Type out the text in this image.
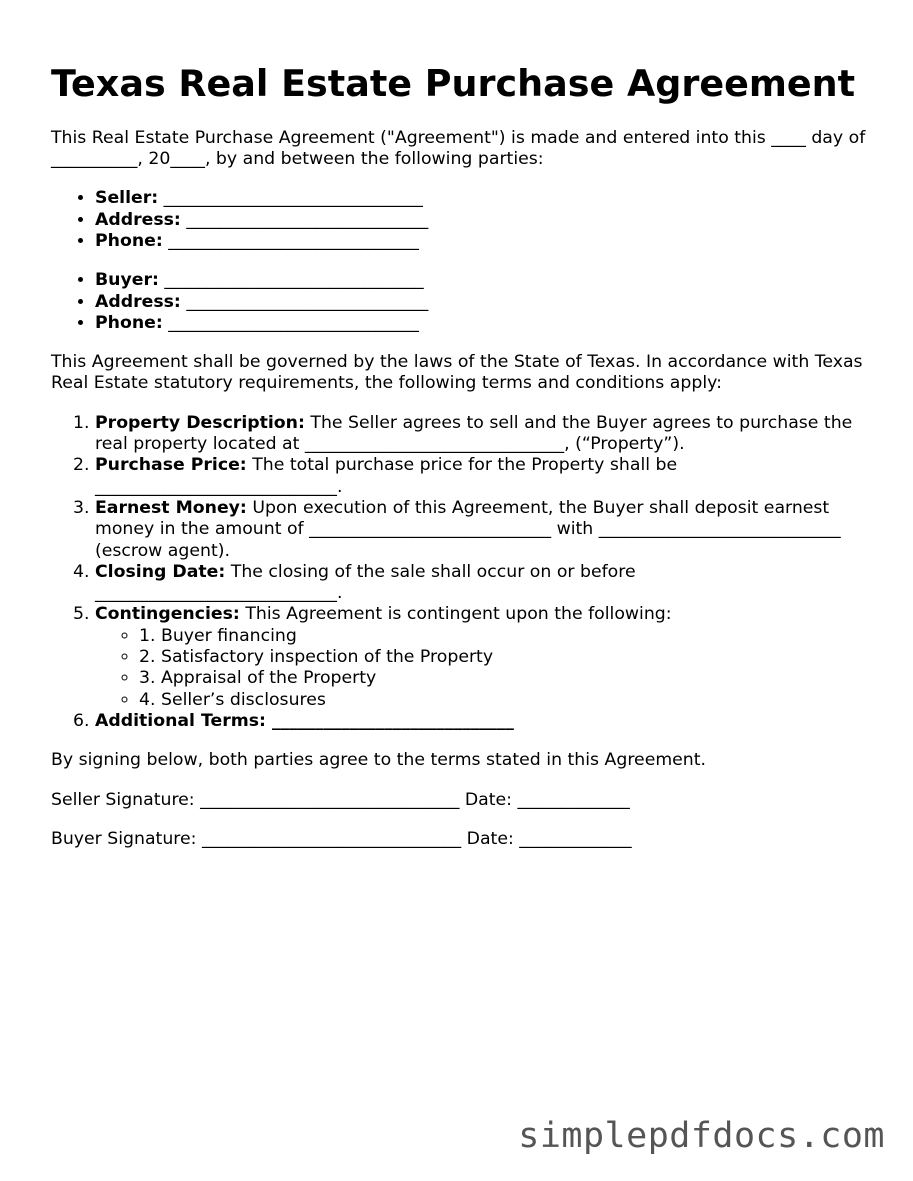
Texas Real Estate Purchase Agreement

This Real Estate Purchase Agreement ("Agreement") is made and entered into this ____ day of __________, 20____, by and between the following parties:

• Seller: ______________________________
• Address: ____________________________
• Phone: _____________________________
• Buyer: ______________________________
• Address: ____________________________
• Phone: _____________________________

This Agreement shall be governed by the laws of the State of Texas. In accordance with Texas Real Estate statutory requirements, the following terms and conditions apply:

1. Property Description: The Seller agrees to sell and the Buyer agrees to purchase the real property located at ______________________________, (“Property”).
2. Purchase Price: The total purchase price for the Property shall be ____________________________.
3. Earnest Money: Upon execution of this Agreement, the Buyer shall deposit earnest money in the amount of ____________________________ with ____________________________ (escrow agent).
4. Closing Date: The closing of the sale shall occur on or before ____________________________.
5. Contingencies: This Agreement is contingent upon the following:
◦ 1. Buyer financing
◦ 2. Satisfactory inspection of the Property
◦ 3. Appraisal of the Property
◦ 4. Seller’s disclosures
6. Additional Terms: ____________________________

By signing below, both parties agree to the terms stated in this Agreement.

Seller Signature: ______________________________ Date: _____________

Buyer Signature: ______________________________ Date: _____________

simplepdfdocs.com
